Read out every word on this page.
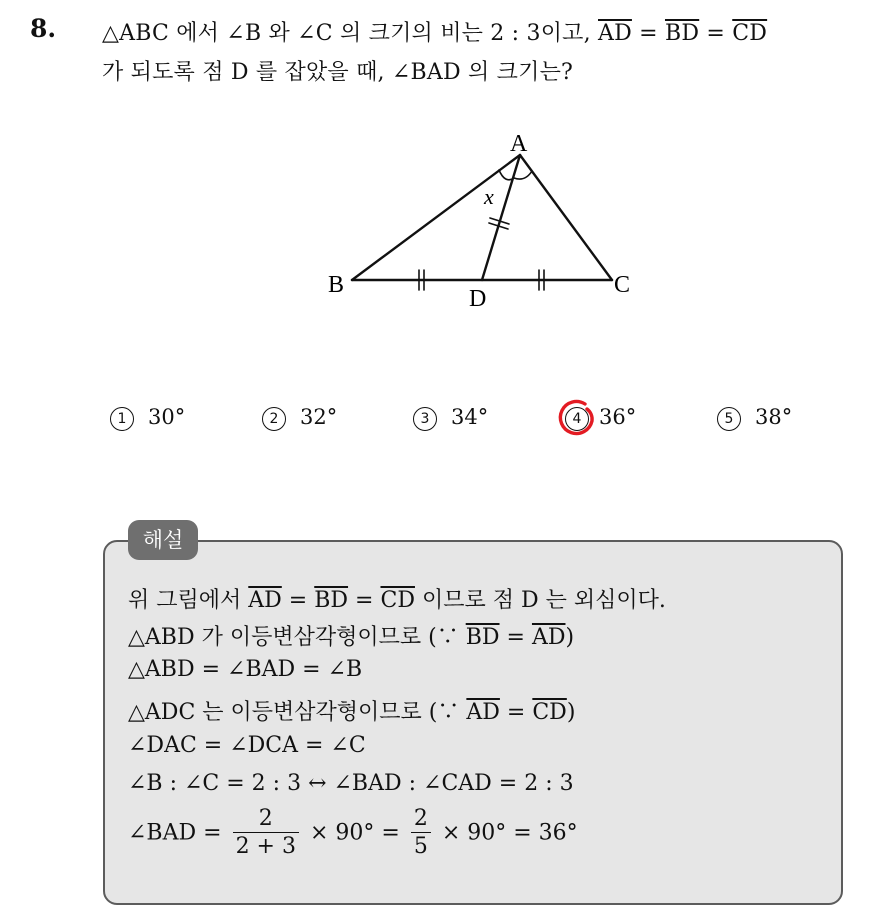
8. △ABC 에서 ∠B 와 ∠C 의 크기의 비는 2 : 3이고, $\overline{AD} = \overline{BD} = \overline{CD}$
가 되도록 점 D 를 잡았을 때, ∠BAD 의 크기는?
A
B	C
D
x
1 30°	2 32°	3 34°	4 36°	5 38°
해설
위 그림에서 $\overline{AD} = \overline{BD} = \overline{CD}$ 이므로 점 D 는 외심이다.
△ABD 가 이등변삼각형이므로 (∵ $\overline{BD} = \overline{AD}$)
△ABD = ∠BAD = ∠B
△ADC 는 이등변삼각형이므로 (∵ $\overline{AD} = \overline{CD}$)
∠DAC = ∠DCA = ∠C
∠B : ∠C = 2 : 3 ↔ ∠BAD : ∠CAD = 2 : 3
∠BAD = $\frac{2}{2 + 3} \times 90^\circ = \frac{2}{5} \times 90^\circ = 36^\circ$
